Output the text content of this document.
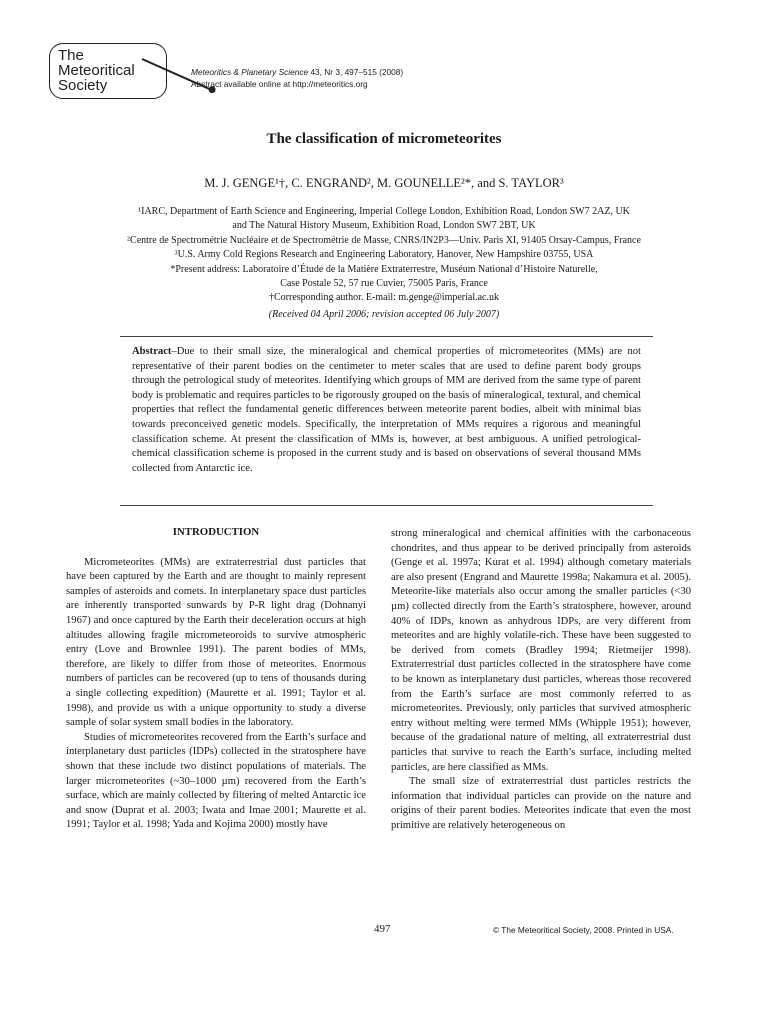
The
Meteoritical
Society
Meteoritics & Planetary Science 43, Nr 3, 497–515 (2008)
Abstract available online at http://meteoritics.org
The classification of micrometeorites
M. J. GENGE¹†, C. ENGRAND², M. GOUNELLE²*, and S. TAYLOR³
¹IARC, Department of Earth Science and Engineering, Imperial College London, Exhibition Road, London SW7 2AZ, UK
and The Natural History Museum, Exhibition Road, London SW7 2BT, UK
²Centre de Spectrométrie Nucléaire et de Spectrométrie de Masse, CNRS/IN2P3—Univ. Paris XI, 91405 Orsay-Campus, France
³U.S. Army Cold Regions Research and Engineering Laboratory, Hanover, New Hampshire 03755, USA
*Present address: Laboratoire d’Étude de la Matière Extraterrestre, Muséum National d’Histoire Naturelle,
Case Postale 52, 57 rue Cuvier, 75005 Paris, France
†Corresponding author. E-mail: m.genge@imperial.ac.uk
(Received 04 April 2006; revision accepted 06 July 2007)
Abstract–Due to their small size, the mineralogical and chemical properties of micrometeorites (MMs) are not representative of their parent bodies on the centimeter to meter scales that are used to define parent body groups through the petrological study of meteorites. Identifying which groups of MM are derived from the same type of parent body is problematic and requires particles to be rigorously grouped on the basis of mineralogical, textural, and chemical properties that reflect the fundamental genetic differences between meteorite parent bodies, albeit with minimal bias towards preconceived genetic models. Specifically, the interpretation of MMs requires a rigorous and meaningful classification scheme. At present the classification of MMs is, however, at best ambiguous. A unified petrological-chemical classification scheme is proposed in the current study and is based on observations of several thousand MMs collected from Antarctic ice.
INTRODUCTION

Micrometeorites (MMs) are extraterrestrial dust particles that have been captured by the Earth and are thought to mainly represent samples of asteroids and comets. In interplanetary space dust particles are inherently transported sunwards by P-R light drag (Dohnanyi 1967) and once captured by the Earth their deceleration occurs at high altitudes allowing fragile micrometeoroids to survive atmospheric entry (Love and Brownlee 1991). The parent bodies of MMs, therefore, are likely to differ from those of meteorites. Enormous numbers of particles can be recovered (up to tens of thousands during a single collecting expedition) (Maurette et al. 1991; Taylor et al. 1998), and provide us with a unique opportunity to study a diverse sample of solar system small bodies in the laboratory.

Studies of micrometeorites recovered from the Earth’s surface and interplanetary dust particles (IDPs) collected in the stratosphere have shown that these include two distinct populations of materials. The larger micrometeorites (~30–1000 µm) recovered from the Earth’s surface, which are mainly collected by filtering of melted Antarctic ice and snow (Duprat et al. 2003; Iwata and Imae 2001; Maurette et al. 1991; Taylor et al. 1998; Yada and Kojima 2000) mostly have

strong mineralogical and chemical affinities with the carbonaceous chondrites, and thus appear to be derived principally from asteroids (Genge et al. 1997a; Kurat et al. 1994) although cometary materials are also present (Engrand and Maurette 1998a; Nakamura et al. 2005). Meteorite-like materials also occur among the smaller particles (<30 µm) collected directly from the Earth’s stratosphere, however, around 40% of IDPs, known as anhydrous IDPs, are very different from meteorites and are highly volatile-rich. These have been suggested to be derived from comets (Bradley 1994; Rietmeijer 1998). Extraterrestrial dust particles collected in the stratosphere have come to be known as interplanetary dust particles, whereas those recovered from the Earth’s surface are most commonly referred to as micrometeorites. Previously, only particles that survived atmospheric entry without melting were termed MMs (Whipple 1951); however, because of the gradational nature of melting, all extraterrestrial dust particles that survive to reach the Earth’s surface, including melted particles, are here classified as MMs.

The small size of extraterrestrial dust particles restricts the information that individual particles can provide on the nature and origins of their parent bodies. Meteorites indicate that even the most primitive are relatively heterogeneous on

497	© The Meteoritical Society, 2008. Printed in USA.
